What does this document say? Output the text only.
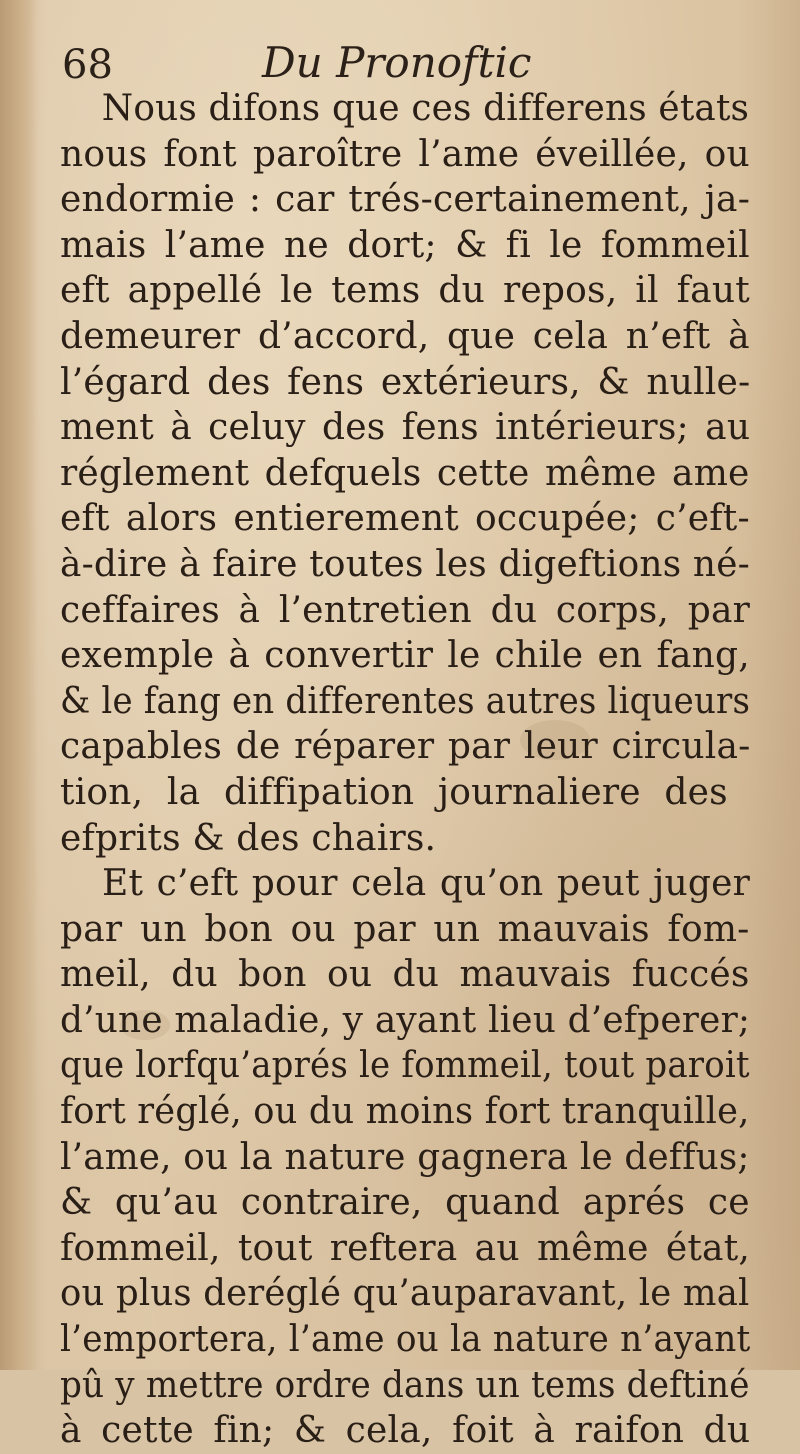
68	Du Pronoftic
Nous difons que ces differens états
nous font paroître l’ame éveillée, ou
endormie : car trés-certainement, ja-
mais l’ame ne dort; & fi le fommeil
eft appellé le tems du repos, il faut
demeurer d’accord, que cela n’eft à
l’égard des fens extérieurs, & nulle-
ment à celuy des fens intérieurs; au
réglement defquels cette même ame
eft alors entierement occupée; c’eft-
à-dire à faire toutes les digeftions né-
ceffaires à l’entretien du corps, par
exemple à convertir le chile en fang,
& le fang en differentes autres liqueurs
capables de réparer par leur circula-
tion, la diffipation journaliere des
efprits & des chairs.
Et c’eft pour cela qu’on peut juger
par un bon ou par un mauvais fom-
meil, du bon ou du mauvais fuccés
d’une maladie, y ayant lieu d’efperer;
que lorfqu’aprés le fommeil, tout paroit
fort réglé, ou du moins fort tranquille,
l’ame, ou la nature gagnera le deffus;
& qu’au contraire, quand aprés ce
fommeil, tout reftera au même état,
ou plus deréglé qu’auparavant, le mal
l’emportera, l’ame ou la nature n’ayant
pû y mettre ordre dans un tems deftiné
à cette fin; & cela, foit à raifon du
